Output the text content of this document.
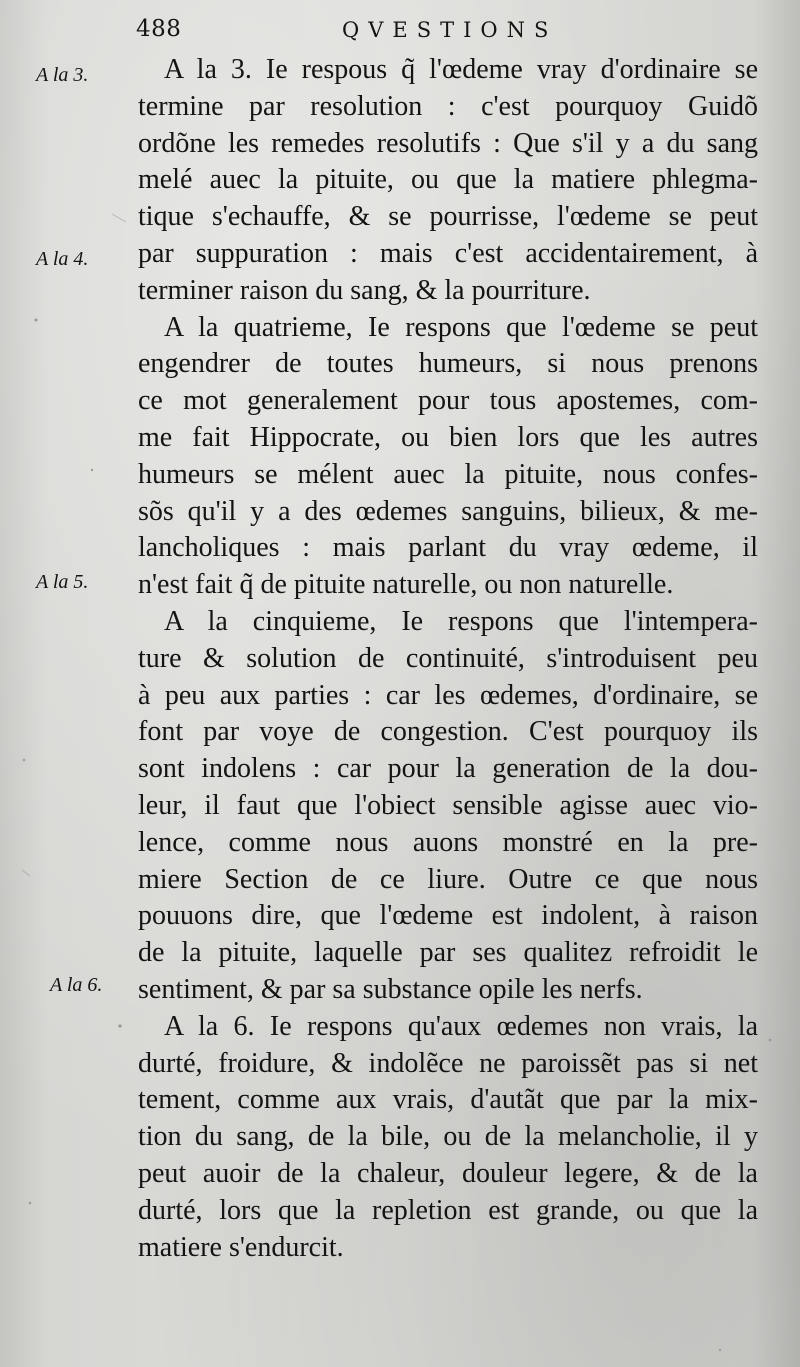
488	QVESTIONS
A la 3.
A la 4.
A la 5.
A la 6.
A la 3. Ie respous q̃ l'œdeme vray d'ordinaire se
termine par resolution : c'est pourquoy Guidõ
ordõne les remedes resolutifs : Que s'il y a du sang
melé auec la pituite, ou que la matiere phlegma-
tique s'echauffe, & se pourrisse, l'œdeme se peut
par suppuration : mais c'est accidentairement, à
terminer raison du sang, & la pourriture.
A la quatrieme, Ie respons que l'œdeme se peut
engendrer de toutes humeurs, si nous prenons
ce mot generalement pour tous apostemes, com-
me fait Hippocrate, ou bien lors que les autres
humeurs se mélent auec la pituite, nous confes-
sõs qu'il y a des œdemes sanguins, bilieux, & me-
lancholiques : mais parlant du vray œdeme, il
n'est fait q̃ de pituite naturelle, ou non naturelle.
A la cinquieme, Ie respons que l'intempera-
ture & solution de continuité, s'introduisent peu
à peu aux parties : car les œdemes, d'ordinaire, se
font par voye de congestion. C'est pourquoy ils
sont indolens : car pour la generation de la dou-
leur, il faut que l'obiect sensible agisse auec vio-
lence, comme nous auons monstré en la pre-
miere Section de ce liure. Outre ce que nous
pouuons dire, que l'œdeme est indolent, à raison
de la pituite, laquelle par ses qualitez refroidit le
sentiment, & par sa substance opile les nerfs.
A la 6. Ie respons qu'aux œdemes non vrais, la
durté, froidure, & indolẽce ne paroissẽt pas si net
tement, comme aux vrais, d'autãt que par la mix-
tion du sang, de la bile, ou de la melancholie, il y
peut auoir de la chaleur, douleur legere, & de la
durté, lors que la repletion est grande, ou que la
matiere s'endurcit.
